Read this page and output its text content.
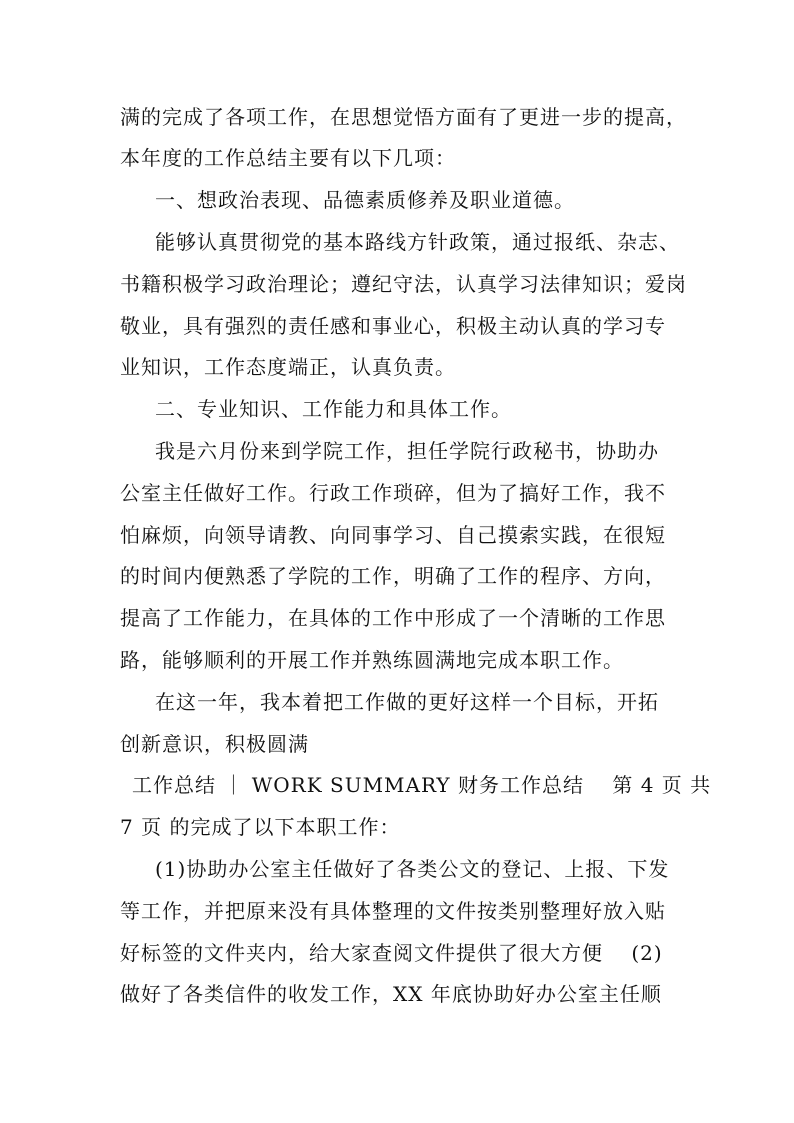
满的完成了各项工作，在思想觉悟方面有了更进一步的提高，
本年度的工作总结主要有以下几项：
一、想政治表现、品德素质修养及职业道德。
能够认真贯彻党的基本路线方针政策，通过报纸、杂志、
书籍积极学习政治理论；遵纪守法，认真学习法律知识；爱岗
敬业，具有强烈的责任感和事业心，积极主动认真的学习专
业知识，工作态度端正，认真负责。
二、专业知识、工作能力和具体工作。
我是六月份来到学院工作，担任学院行政秘书，协助办
公室主任做好工作。行政工作琐碎，但为了搞好工作，我不
怕麻烦，向领导请教、向同事学习、自己摸索实践，在很短
的时间内便熟悉了学院的工作，明确了工作的程序、方向，
提高了工作能力，在具体的工作中形成了一个清晰的工作思
路，能够顺利的开展工作并熟练圆满地完成本职工作。
在这一年，我本着把工作做的更好这样一个目标，开拓
创新意识，积极圆满
工作总结 ｜ WORK SUMMARY 财务工作总结　 第 4 页 共
7 页 的完成了以下本职工作：
(1)协助办公室主任做好了各类公文的登记、上报、下发
等工作，并把原来没有具体整理的文件按类别整理好放入贴
好标签的文件夹内，给大家查阅文件提供了很大方便　 (2)
做好了各类信件的收发工作，XX 年底协助好办公室主任顺
